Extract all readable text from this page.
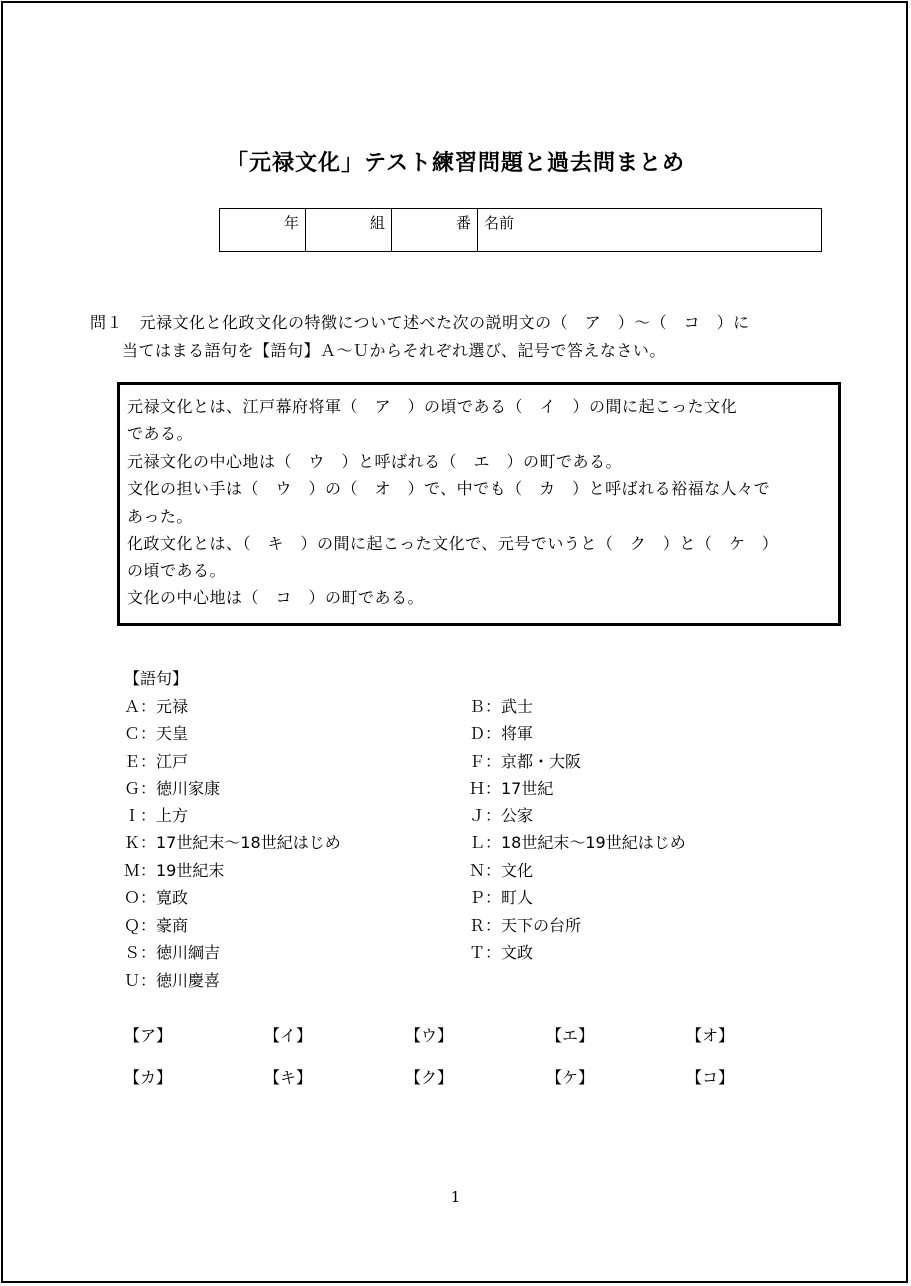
「元禄文化」テスト練習問題と過去問まとめ
年	組	番	名前
問１　元禄文化と化政文化の特徴について述べた次の説明文の（　ア　）～（　コ　）に
当てはまる語句を【語句】Ａ～Ｕからそれぞれ選び、記号で答えなさい。
元禄文化とは、江戸幕府将軍（　ア　）の頃である（　イ　）の間に起こった文化
である。
元禄文化の中心地は（　ウ　）と呼ばれる（　エ　）の町である。
文化の担い手は（　ウ　）の（　オ　）で、中でも（　カ　）と呼ばれる裕福な人々で
あった。
化政文化とは、（　キ　）の間に起こった文化で、元号でいうと（　ク　）と（　ケ　）
の頃である。
文化の中心地は（　コ　）の町である。
【語句】
Ａ：元禄	Ｂ：武士
Ｃ：天皇	Ｄ：将軍
Ｅ：江戸	Ｆ：京都・大阪
Ｇ：徳川家康	Ｈ：17世紀
Ｉ：上方	Ｊ：公家
Ｋ：17世紀末～18世紀はじめ	Ｌ：18世紀末～19世紀はじめ
Ｍ：19世紀末	Ｎ：文化
Ｏ：寛政	Ｐ：町人
Ｑ：豪商	Ｒ：天下の台所
Ｓ：徳川綱吉	Ｔ：文政
Ｕ：徳川慶喜
【ア】	【イ】	【ウ】	【エ】	【オ】
【カ】	【キ】	【ク】	【ケ】	【コ】
1
